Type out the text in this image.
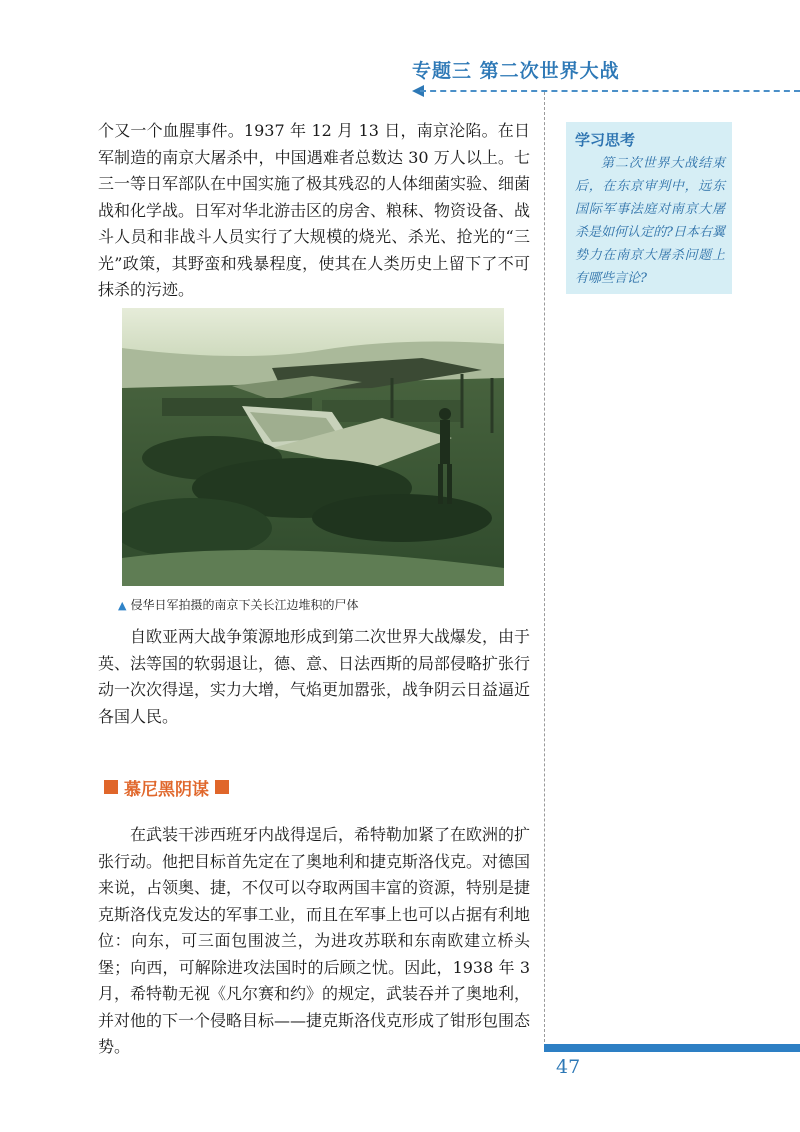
专题三 第二次世界大战

个又一个血腥事件。1937 年 12 月 13 日，南京沦陷。在日军制造的南京大屠杀中，中国遇难者总数达 30 万人以上。七三一等日军部队在中国实施了极其残忍的人体细菌实验、细菌战和化学战。日军对华北游击区的房舍、粮秣、物资设备、战斗人员和非战斗人员实行了大规模的烧光、杀光、抢光的“三光”政策，其野蛮和残暴程度，使其在人类历史上留下了不可抹杀的污迹。

▲ 侵华日军拍摄的南京下关长江边堆积的尸体

自欧亚两大战争策源地形成到第二次世界大战爆发，由于英、法等国的软弱退让，德、意、日法西斯的局部侵略扩张行动一次次得逞，实力大增，气焰更加嚣张，战争阴云日益逼近各国人民。

慕尼黑阴谋

在武装干涉西班牙内战得逞后，希特勒加紧了在欧洲的扩张行动。他把目标首先定在了奥地利和捷克斯洛伐克。对德国来说，占领奥、捷，不仅可以夺取两国丰富的资源，特别是捷克斯洛伐克发达的军事工业，而且在军事上也可以占据有利地位：向东，可三面包围波兰，为进攻苏联和东南欧建立桥头堡；向西，可解除进攻法国时的后顾之忧。因此，1938 年 3 月，希特勒无视《凡尔赛和约》的规定，武装吞并了奥地利，并对他的下一个侵略目标——捷克斯洛伐克形成了钳形包围态势。

学习思考
第二次世界大战结束后，在东京审判中，远东国际军事法庭对南京大屠杀是如何认定的?日本右翼势力在南京大屠杀问题上有哪些言论?
47
